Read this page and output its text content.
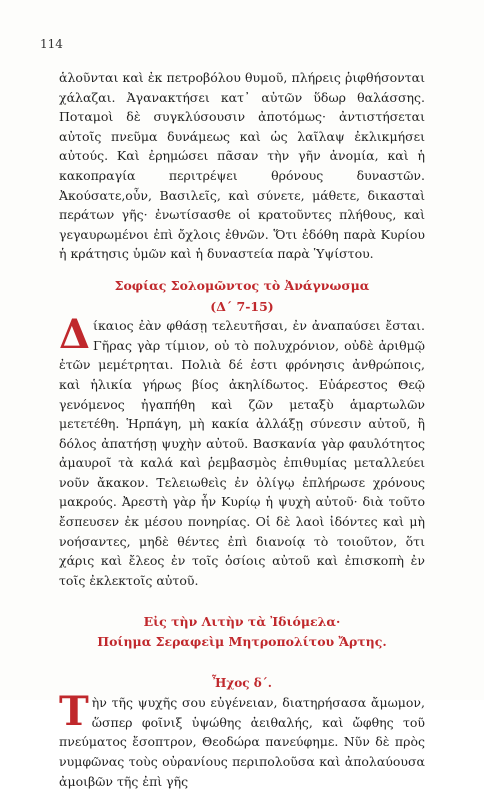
114

ἁλοῦνται καὶ ἐκ πετροβόλου θυμοῦ, πλήρεις ῥιφθήσονται χάλαζαι. Ἀγανακτήσει κατ᾽ αὐτῶν ὕδωρ θαλάσσης. Ποταμοὶ δὲ συγκλύσουσιν ἀποτόμως· ἀντιστήσεται αὐτοῖς πνεῦμα δυνάμεως καὶ ὡς λαῖλαψ ἐκλικμήσει αὐτούς. Καὶ ἐρημώσει πᾶσαν τὴν γῆν ἀνομία, καὶ ἡ κακοπραγία περιτρέψει θρόνους δυναστῶν. Ἀκούσατε,οὖν, Βασιλεῖς, καὶ σύνετε, μάθετε, δικασταὶ περάτων γῆς· ἐνωτίσασθε οἱ κρατοῦντες πλήθους, καὶ γεγαυρωμένοι ἐπὶ ὄχλοις ἐθνῶν. Ὅτι ἐδόθη παρὰ Κυρίου ἡ κράτησις ὑμῶν καὶ ἡ δυναστεία παρὰ Ὑψίστου.

Σοφίας Σολομῶντος τὸ Ἀνάγνωσμα
(Δ΄ 7-15)

Δίκαιος ἐὰν φθάσῃ τελευτῆσαι, ἐν ἀναπαύσει ἔσται. Γῆρας γὰρ τίμιον, οὐ τὸ πολυχρόνιον, οὐδὲ ἀριθμῷ ἐτῶν μεμέτρηται. Πολιὰ δέ ἐστι φρόνησις ἀνθρώποις, καὶ ἡλικία γήρως βίος ἀκηλίδωτος. Εὐάρεστος Θεῷ γενόμενος ἠγαπήθη καὶ ζῶν μεταξὺ ἁμαρτωλῶν μετετέθη. Ἡρπάγη, μὴ κακία ἀλλάξῃ σύνεσιν αὐτοῦ, ἢ δόλος ἀπατήσῃ ψυχὴν αὐτοῦ. Βασκανία γὰρ φαυλότητος ἀμαυροῖ τὰ καλά καὶ ῥεμβασμὸς ἐπιθυμίας μεταλλεύει νοῦν ἄκακον. Τελειωθεὶς ἐν ὀλίγῳ ἐπλήρωσε χρόνους μακρούς. Ἀρεστὴ γὰρ ἦν Κυρίῳ ἡ ψυχὴ αὐτοῦ· διὰ τοῦτο ἔσπευσεν ἐκ μέσου πονηρίας. Οἱ δὲ λαοὶ ἰδόντες καὶ μὴ νοήσαντες, μηδὲ θέντες ἐπὶ διανοίᾳ τὸ τοιοῦτον, ὅτι χάρις καὶ ἔλεος ἐν τοῖς ὁσίοις αὐτοῦ καὶ ἐπισκοπὴ ἐν τοῖς ἐκλεκτοῖς αὐτοῦ.

Εἰς τὴν Λιτὴν τὰ Ἰδιόμελα·
Ποίημα Σεραφεὶμ Μητροπολίτου Ἄρτης.
Ἦχος δ΄.

Τὴν τῆς ψυχῆς σου εὐγένειαν, διατηρήσασα ἄμωμον, ὥσπερ φοῖνιξ ὑψώθης ἀειθαλής, καὶ ὤφθης τοῦ πνεύματος ἔσοπτρον, Θεοδώρα πανεύφημε. Νῦν δὲ πρὸς νυμφῶνας τοὺς οὐρανίους περιπολοῦσα καὶ ἀπολαύουσα ἀμοιβῶν τῆς ἐπὶ γῆς
